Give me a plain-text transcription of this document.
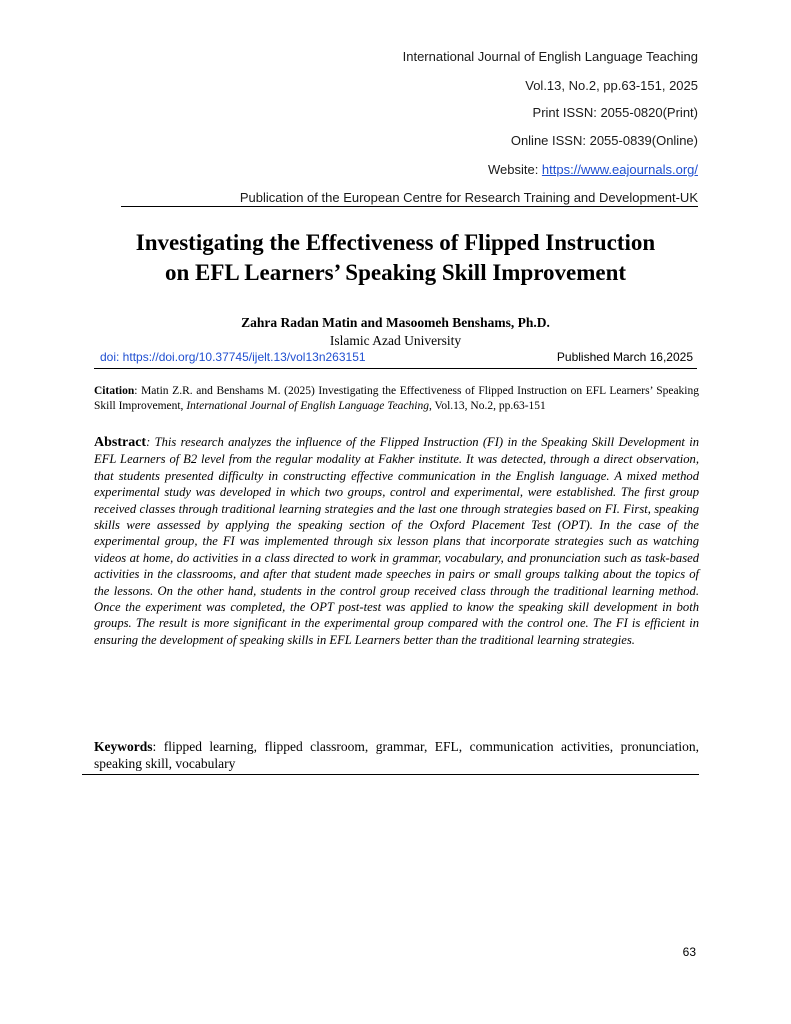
International Journal of English Language Teaching
Vol.13, No.2, pp.63-151, 2025
Print ISSN: 2055-0820(Print)
Online ISSN: 2055-0839(Online)
Website: https://www.eajournals.org/
Publication of the European Centre for Research Training and Development-UK
Investigating the Effectiveness of Flipped Instruction
on EFL Learners’ Speaking Skill Improvement
Zahra Radan Matin and Masoomeh Benshams, Ph.D.
Islamic Azad University
doi: https://doi.org/10.37745/ijelt.13/vol13n263151	Published March 16,2025
Citation: Matin Z.R. and Benshams M. (2025) Investigating the Effectiveness of Flipped Instruction on EFL Learners’ Speaking Skill Improvement, International Journal of English Language Teaching, Vol.13, No.2, pp.63-151
Abstract: This research analyzes the influence of the Flipped Instruction (FI) in the Speaking Skill Development in EFL Learners of B2 level from the regular modality at Fakher institute. It was detected, through a direct observation, that students presented difficulty in constructing effective communication in the English language. A mixed method experimental study was developed in which two groups, control and experimental, were established. The first group received classes through traditional learning strategies and the last one through strategies based on FI. First, speaking skills were assessed by applying the speaking section of the Oxford Placement Test (OPT). In the case of the experimental group, the FI was implemented through six lesson plans that incorporate strategies such as watching videos at home, do activities in a class directed to work in grammar, vocabulary, and pronunciation such as task-based activities in the classrooms, and after that student made speeches in pairs or small groups talking about the topics of the lessons. On the other hand, students in the control group received class through the traditional learning method. Once the experiment was completed, the OPT post-test was applied to know the speaking skill development in both groups. The result is more significant in the experimental group compared with the control one. The FI is efficient in ensuring the development of speaking skills in EFL Learners better than the traditional learning strategies.
Keywords: flipped learning, flipped classroom, grammar, EFL, communication activities, pronunciation, speaking skill, vocabulary
63
